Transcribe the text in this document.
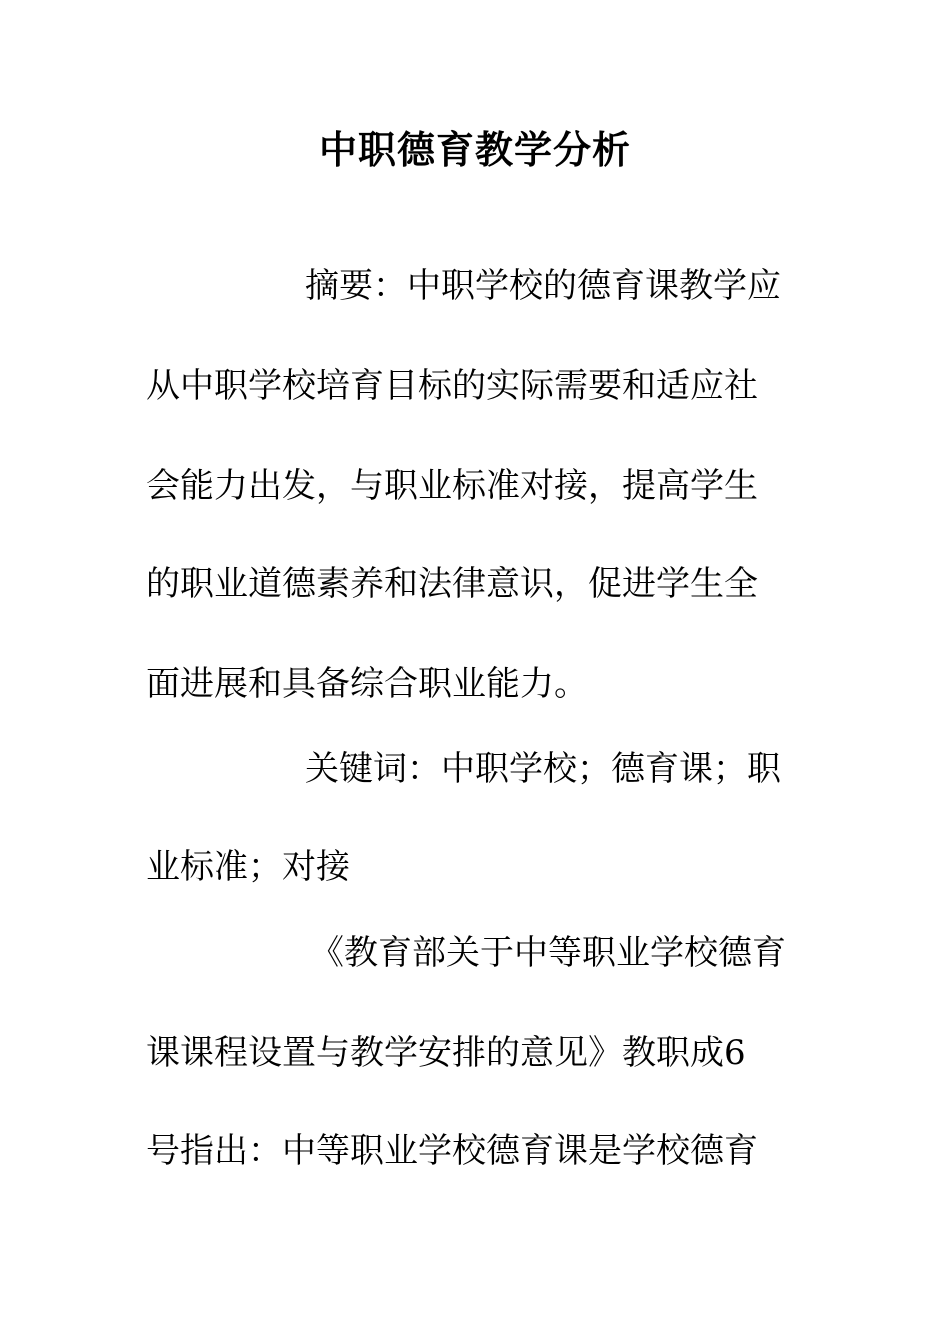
中职德育教学分析

摘要：中职学校的德育课教学应

从中职学校培育目标的实际需要和适应社

会能力出发，与职业标准对接，提高学生

的职业道德素养和法律意识，促进学生全

面进展和具备综合职业能力。

关键词：中职学校；德育课；职

业标准；对接

《教育部关于中等职业学校德育

课课程设置与教学安排的意见》教职成6

号指出：中等职业学校德育课是学校德育
